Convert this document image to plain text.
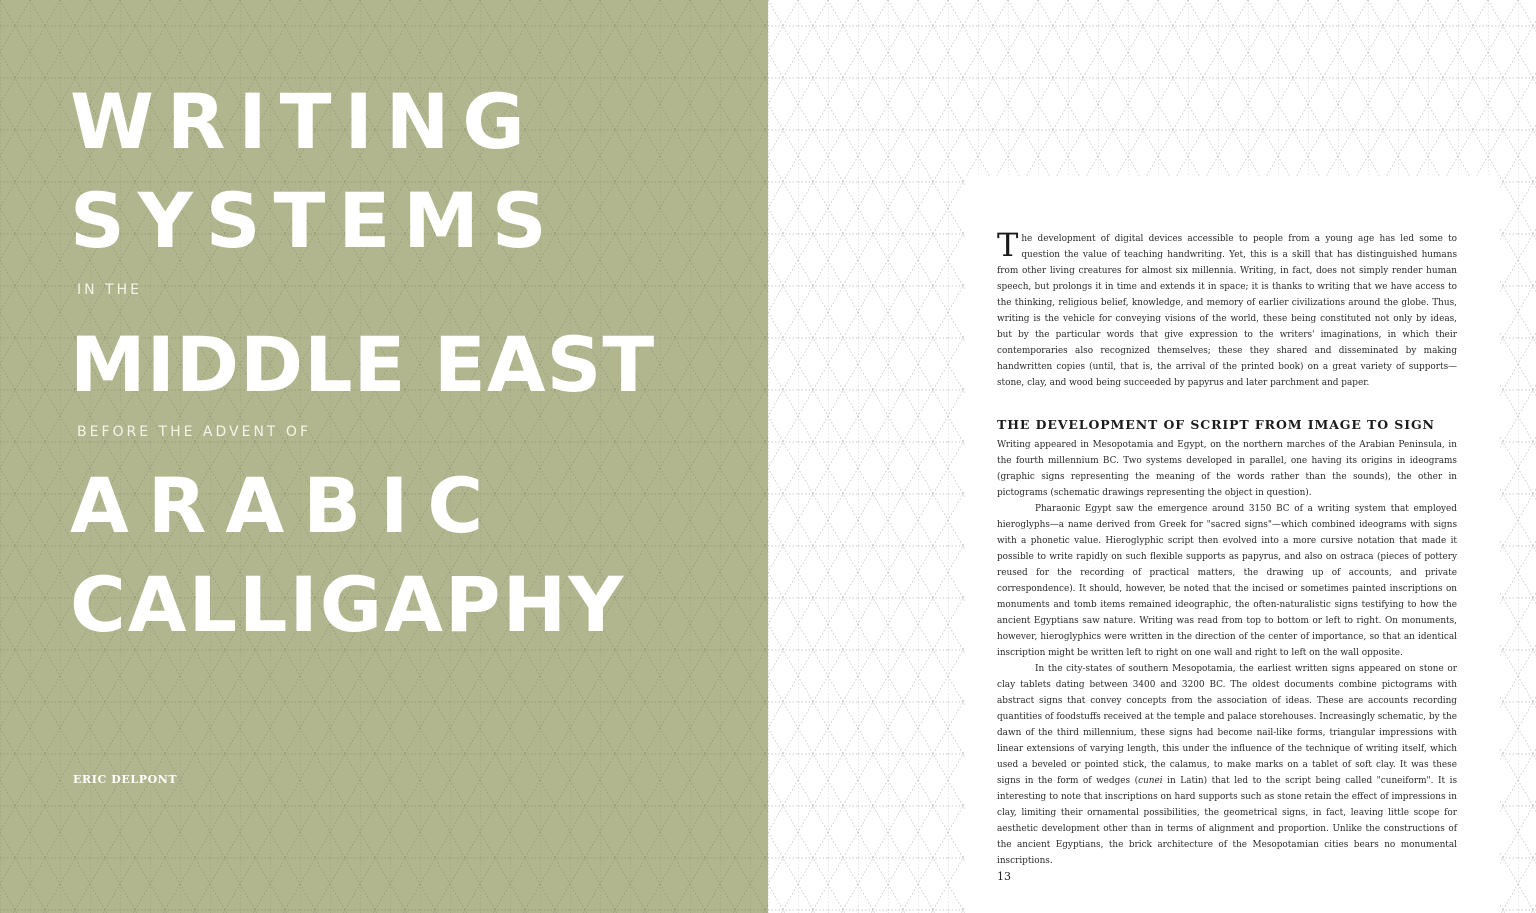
WRITING
SYSTEMS

IN THE

MIDDLE EAST

BEFORE THE ADVENT OF

ARABIC
CALLIGAPHY

ERIC DELPONT

The development of digital devices accessible to people from a young age has led some to question the value of teaching handwriting. Yet, this is a skill that has distinguished humans from other living creatures for almost six millennia. Writing, in fact, does not simply render human speech, but prolongs it in time and extends it in space; it is thanks to writing that we have access to the thinking, religious belief, knowledge, and memory of earlier civilizations around the globe. Thus, writing is the vehicle for conveying visions of the world, these being constituted not only by ideas, but by the particular words that give expression to the writers' imaginations, in which their contemporaries also recognized themselves; these they shared and disseminated by making handwritten copies (until, that is, the arrival of the printed book) on a great variety of supports—stone, clay, and wood being succeeded by papyrus and later parchment and paper.

THE DEVELOPMENT OF SCRIPT FROM IMAGE TO SIGN

Writing appeared in Mesopotamia and Egypt, on the northern marches of the Arabian Peninsula, in the fourth millennium BC. Two systems developed in parallel, one having its origins in ideograms (graphic signs representing the meaning of the words rather than the sounds), the other in pictograms (schematic drawings representing the object in question).

Pharaonic Egypt saw the emergence around 3150 BC of a writing system that employed hieroglyphs—a name derived from Greek for "sacred signs"—which combined ideograms with signs with a phonetic value. Hieroglyphic script then evolved into a more cursive notation that made it possible to write rapidly on such flexible supports as papyrus, and also on ostraca (pieces of pottery reused for the recording of practical matters, the drawing up of accounts, and private correspondence). It should, however, be noted that the incised or sometimes painted inscriptions on monuments and tomb items remained ideographic, the often-naturalistic signs testifying to how the ancient Egyptians saw nature. Writing was read from top to bottom or left to right. On monuments, however, hieroglyphics were written in the direction of the center of importance, so that an identical inscription might be written left to right on one wall and right to left on the wall opposite.

In the city-states of southern Mesopotamia, the earliest written signs appeared on stone or clay tablets dating between 3400 and 3200 BC. The oldest documents combine pictograms with abstract signs that convey concepts from the association of ideas. These are accounts recording quantities of foodstuffs received at the temple and palace storehouses. Increasingly schematic, by the dawn of the third millennium, these signs had become nail-like forms, triangular impressions with linear extensions of varying length, this under the influence of the technique of writing itself, which used a beveled or pointed stick, the calamus, to make marks on a tablet of soft clay. It was these signs in the form of wedges (cunei in Latin) that led to the script being called "cuneiform". It is interesting to note that inscriptions on hard supports such as stone retain the effect of impressions in clay, limiting their ornamental possibilities, the geometrical signs, in fact, leaving little scope for aesthetic development other than in terms of alignment and proportion. Unlike the constructions of the ancient Egyptians, the brick architecture of the Mesopotamian cities bears no monumental inscriptions.

13
